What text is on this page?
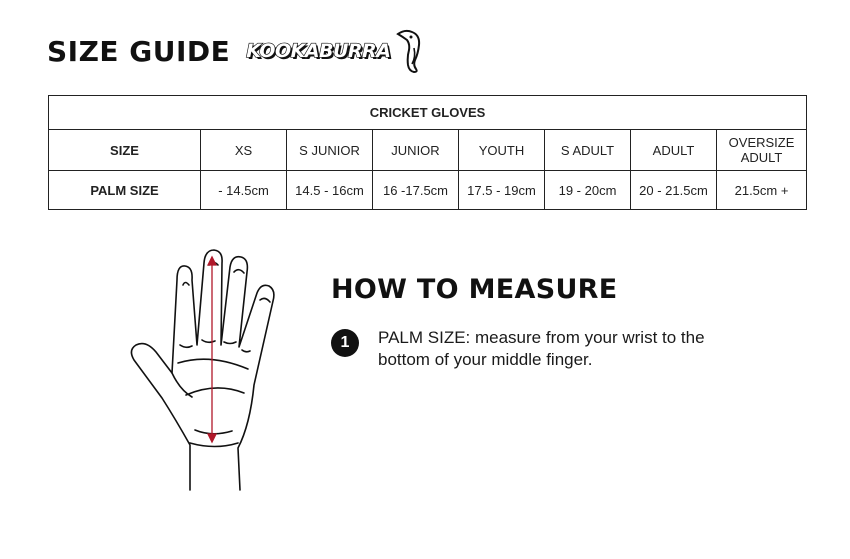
SIZE GUIDE KOOKABURRA
CRICKET GLOVES							
SIZE	XS	S JUNIOR	JUNIOR	YOUTH	S ADULT	ADULT	OVERSIZE ADULT
PALM SIZE	- 14.5cm	14.5 - 16cm	16 -17.5cm	17.5 - 19cm	19 - 20cm	20 - 21.5cm	21.5cm +
HOW TO MEASURE
1	PALM SIZE: measure from your wrist to the bottom of your middle finger.
